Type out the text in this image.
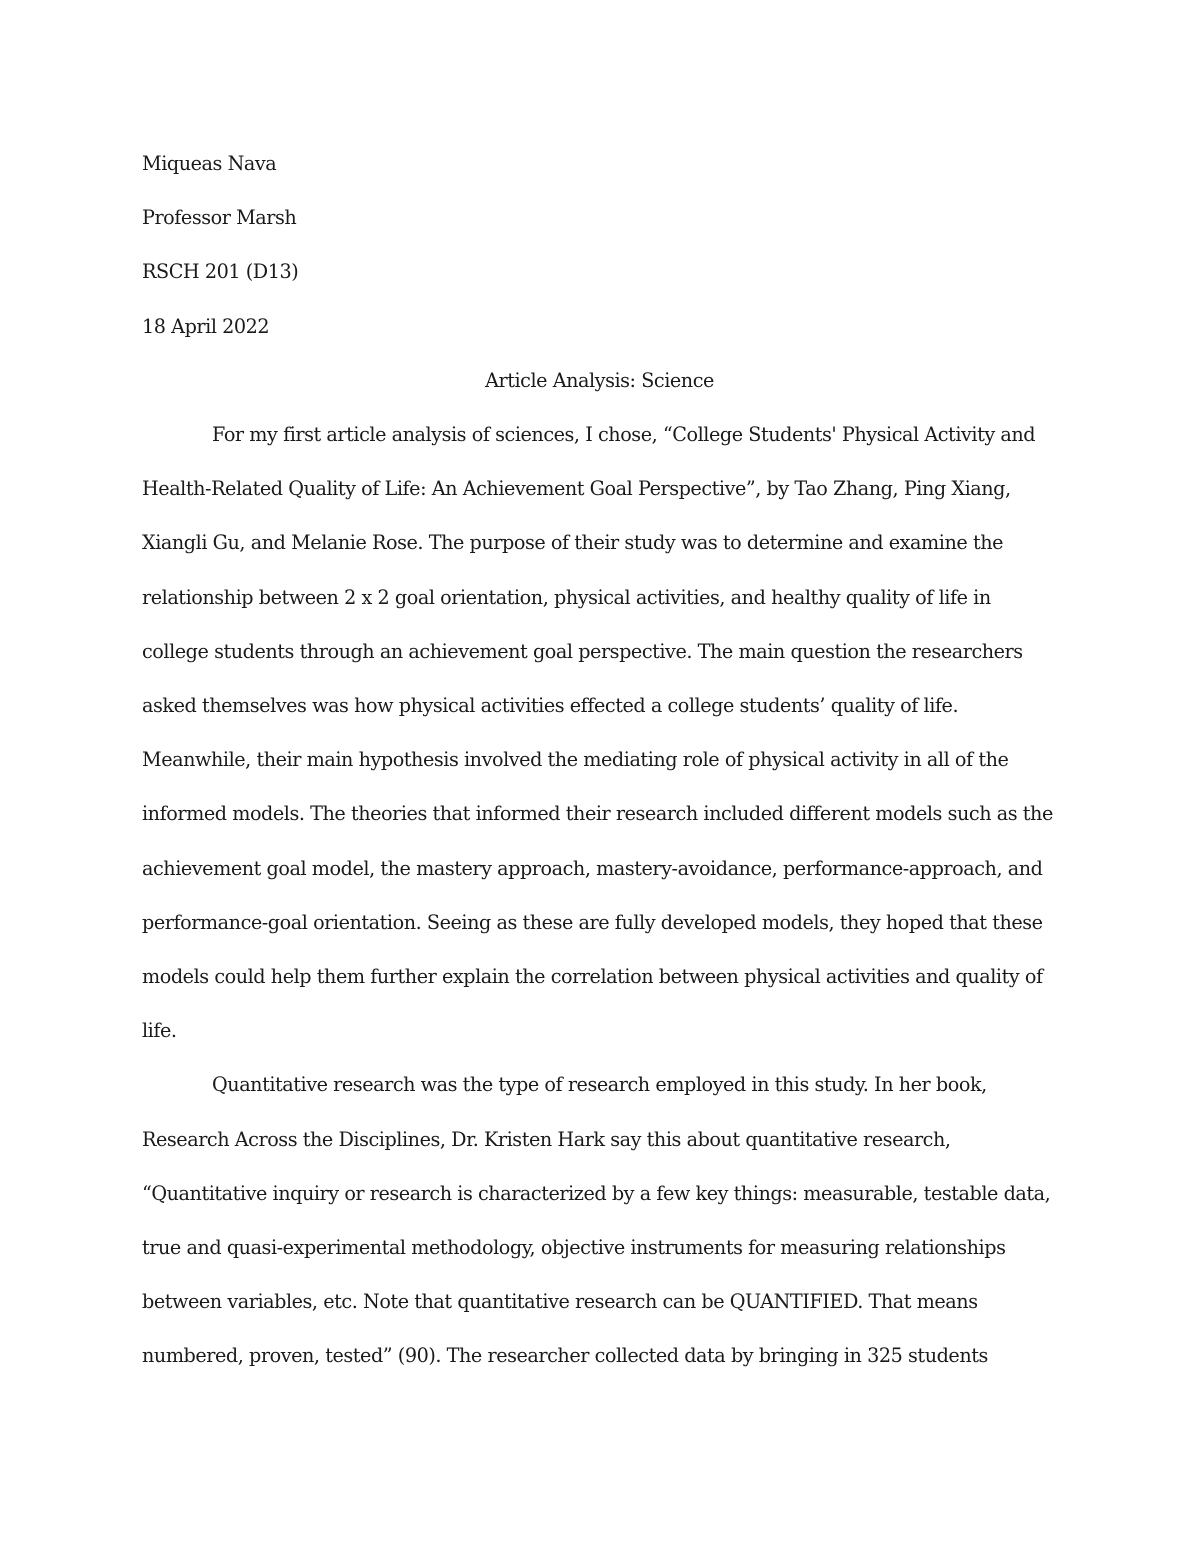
Miqueas Nava
Professor Marsh
RSCH 201 (D13)
18 April 2022
Article Analysis: Science
For my first article analysis of sciences, I chose, “College Students' Physical Activity and
Health-Related Quality of Life: An Achievement Goal Perspective”, by Tao Zhang, Ping Xiang,
Xiangli Gu, and Melanie Rose. The purpose of their study was to determine and examine the
relationship between 2 x 2 goal orientation, physical activities, and healthy quality of life in
college students through an achievement goal perspective. The main question the researchers
asked themselves was how physical activities effected a college students’ quality of life.
Meanwhile, their main hypothesis involved the mediating role of physical activity in all of the
informed models. The theories that informed their research included different models such as the
achievement goal model, the mastery approach, mastery-avoidance, performance-approach, and
performance-goal orientation. Seeing as these are fully developed models, they hoped that these
models could help them further explain the correlation between physical activities and quality of
life.
Quantitative research was the type of research employed in this study. In her book,
Research Across the Disciplines, Dr. Kristen Hark say this about quantitative research,
“Quantitative inquiry or research is characterized by a few key things: measurable, testable data,
true and quasi-experimental methodology, objective instruments for measuring relationships
between variables, etc. Note that quantitative research can be QUANTIFIED. That means
numbered, proven, tested” (90). The researcher collected data by bringing in 325 students
